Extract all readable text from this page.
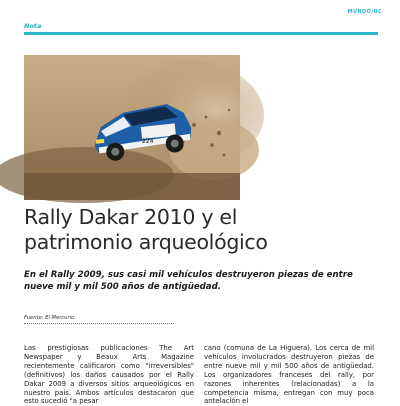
MUNDO/UC
Nota
224
Rally Dakar 2010 y el
patrimonio arqueológico
En el Rally 2009, sus casi mil vehículos destruyeron piezas de entre nueve mil y mil 500 años de antigüedad.
Fuente: El Mercurio
Las prestigiosas publicaciones The Art Newspaper y Beaux Arts Magazine recientemente calificaron como "irreversibles" (definitivos) los daños causados por el Rally Dakar 2009 a diversos sitios arqueológicos en nuestro país. Ambos artículos destacaron que esto sucedió "a pesar
cano (comuna de La Higuera). Los cerca de mil vehículos involucrados destruyeron piezas de entre nueve mil y mil 500 años de antigüedad. Los organizadores franceses del rally, por razones inherentes (relacionadas) a la competencia misma, entregan con muy poca antelación el
